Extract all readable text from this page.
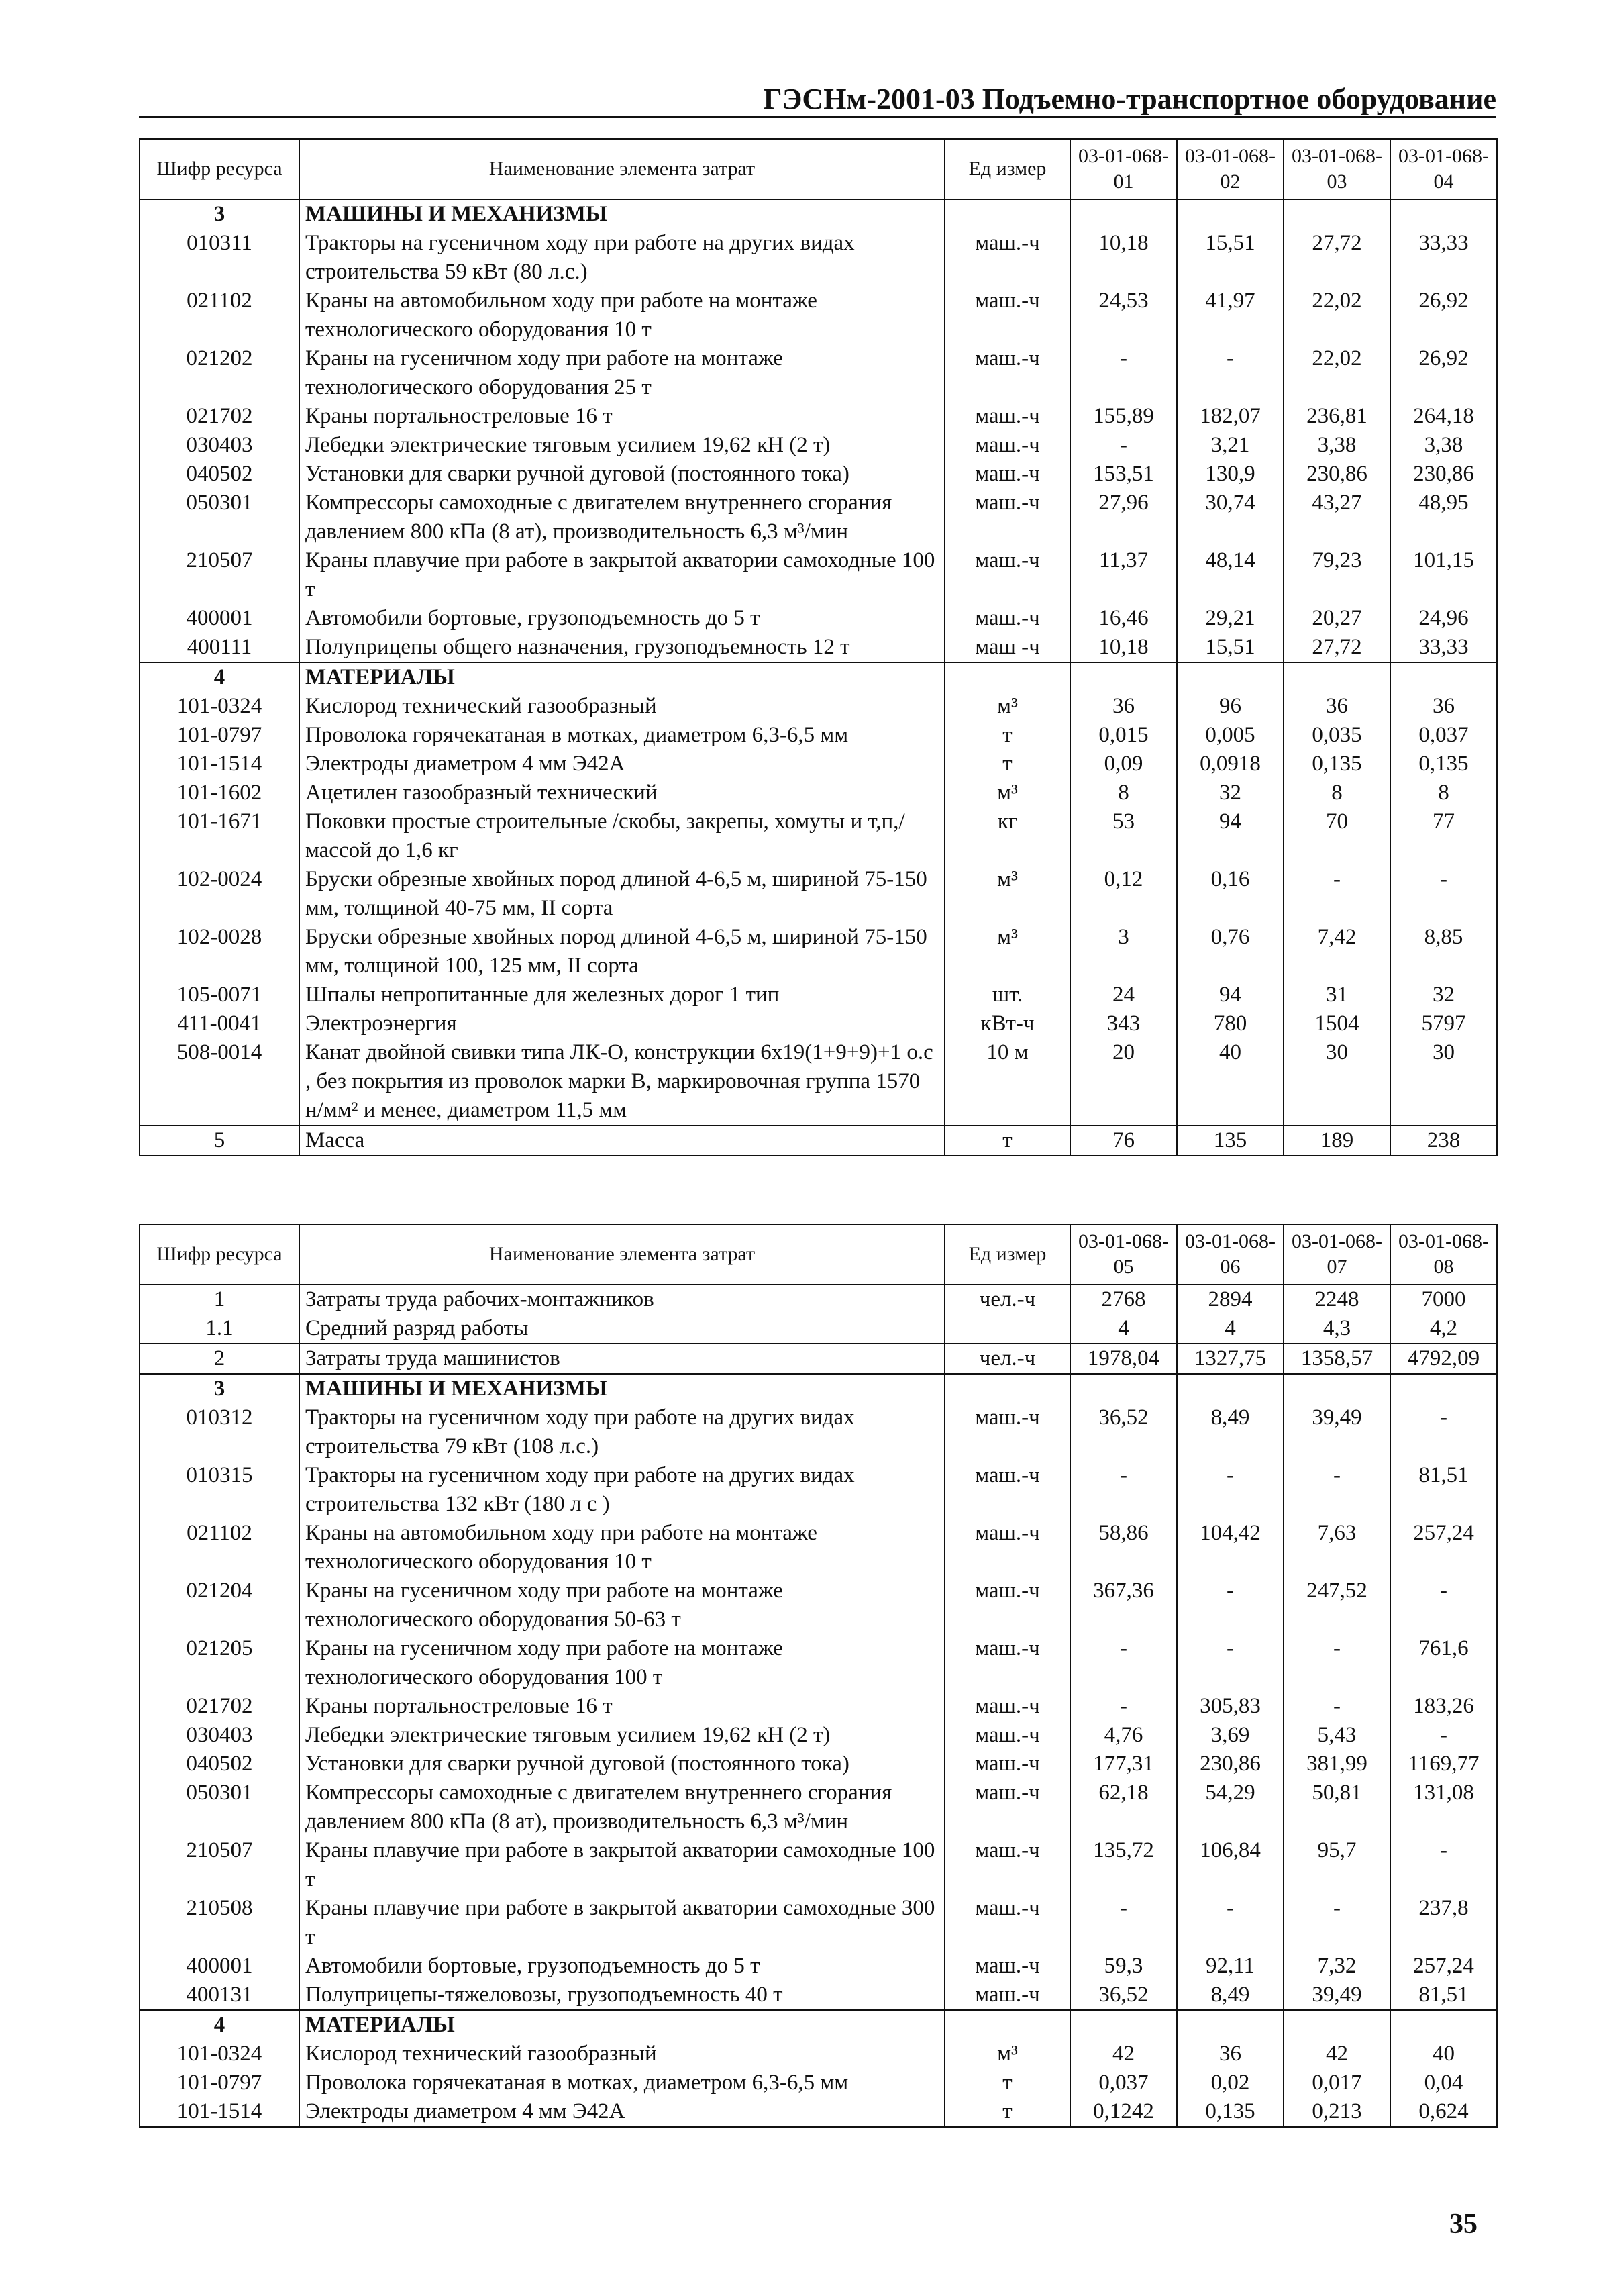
ГЭСНм-2001-03 Подъемно-транспортное оборудование
Шифр ресурса	Наименование элемента затрат	Ед измер	03-01-068-01	03-01-068-02	03-01-068-03	03-01-068-04
3	МАШИНЫ И МЕХАНИЗМЫ					
010311	Тракторы на гусеничном ходу при работе на других видах строительства 59 кВт (80 л.с.)	маш.-ч	10,18	15,51	27,72	33,33
021102	Краны на автомобильном ходу при работе на монтаже технологического оборудования 10 т	маш.-ч	24,53	41,97	22,02	26,92
021202	Краны на гусеничном ходу при работе на монтаже технологического оборудования 25 т	маш.-ч	-	-	22,02	26,92
021702	Краны портальностреловые 16 т	маш.-ч	155,89	182,07	236,81	264,18
030403	Лебедки электрические тяговым усилием 19,62 кН (2 т)	маш.-ч	-	3,21	3,38	3,38
040502	Установки для сварки ручной дуговой (постоянного тока)	маш.-ч	153,51	130,9	230,86	230,86
050301	Компрессоры самоходные с двигателем внутреннего сгорания давлением 800 кПа (8 ат), производительность 6,3 м³/мин	маш.-ч	27,96	30,74	43,27	48,95
210507	Краны плавучие при работе в закрытой акватории самоходные 100 т	маш.-ч	11,37	48,14	79,23	101,15
400001	Автомобили бортовые, грузоподъемность до 5 т	маш.-ч	16,46	29,21	20,27	24,96
400111	Полуприцепы общего назначения, грузоподъемность 12 т	маш -ч	10,18	15,51	27,72	33,33
4	МАТЕРИАЛЫ					
101-0324	Кислород технический газообразный	м³	36	96	36	36
101-0797	Проволока горячекатаная в мотках, диаметром 6,3-6,5 мм	т	0,015	0,005	0,035	0,037
101-1514	Электроды диаметром 4 мм Э42А	т	0,09	0,0918	0,135	0,135
101-1602	Ацетилен газообразный технический	м³	8	32	8	8
101-1671	Поковки простые строительные /скобы, закрепы, хомуты и т,п,/ массой до 1,6 кг	кг	53	94	70	77
102-0024	Бруски обрезные хвойных пород длиной 4-6,5 м, шириной 75-150 мм, толщиной 40-75 мм, II сорта	м³	0,12	0,16	-	-
102-0028	Бруски обрезные хвойных пород длиной 4-6,5 м, шириной 75-150 мм, толщиной 100, 125 мм, II сорта	м³	3	0,76	7,42	8,85
105-0071	Шпалы непропитанные для железных дорог 1 тип	шт.	24	94	31	32
411-0041	Электроэнергия	кВт-ч	343	780	1504	5797
508-0014	Канат двойной свивки типа ЛК-О, конструкции 6х19(1+9+9)+1 о.с , без покрытия из проволок марки В, маркировочная группа 1570 н/мм² и менее, диаметром 11,5 мм	10 м	20	40	30	30
5	Масса	т	76	135	189	238
Шифр ресурса	Наименование элемента затрат	Ед измер	03-01-068-05	03-01-068-06	03-01-068-07	03-01-068-08
1	Затраты труда рабочих-монтажников	чел.-ч	2768	2894	2248	7000
1.1	Средний разряд работы		4	4	4,3	4,2
2	Затраты труда машинистов	чел.-ч	1978,04	1327,75	1358,57	4792,09
3	МАШИНЫ И МЕХАНИЗМЫ					
010312	Тракторы на гусеничном ходу при работе на других видах строительства 79 кВт (108 л.с.)	маш.-ч	36,52	8,49	39,49	-
010315	Тракторы на гусеничном ходу при работе на других видах строительства 132 кВт (180 л с )	маш.-ч	-	-	-	81,51
021102	Краны на автомобильном ходу при работе на монтаже технологического оборудования 10 т	маш.-ч	58,86	104,42	7,63	257,24
021204	Краны на гусеничном ходу при работе на монтаже технологического оборудования 50-63 т	маш.-ч	367,36	-	247,52	-
021205	Краны на гусеничном ходу при работе на монтаже технологического оборудования 100 т	маш.-ч	-	-	-	761,6
021702	Краны портальностреловые 16 т	маш.-ч	-	305,83	-	183,26
030403	Лебедки электрические тяговым усилием 19,62 кН (2 т)	маш.-ч	4,76	3,69	5,43	-
040502	Установки для сварки ручной дуговой (постоянного тока)	маш.-ч	177,31	230,86	381,99	1169,77
050301	Компрессоры самоходные с двигателем внутреннего сгорания давлением 800 кПа (8 ат), производительность 6,3 м³/мин	маш.-ч	62,18	54,29	50,81	131,08
210507	Краны плавучие при работе в закрытой акватории самоходные 100 т	маш.-ч	135,72	106,84	95,7	-
210508	Краны плавучие при работе в закрытой акватории самоходные 300 т	маш.-ч	-	-	-	237,8
400001	Автомобили бортовые, грузоподъемность до 5 т	маш.-ч	59,3	92,11	7,32	257,24
400131	Полуприцепы-тяжеловозы, грузоподъемность 40 т	маш.-ч	36,52	8,49	39,49	81,51
4	МАТЕРИАЛЫ					
101-0324	Кислород технический газообразный	м³	42	36	42	40
101-0797	Проволока горячекатаная в мотках, диаметром 6,3-6,5 мм	т	0,037	0,02	0,017	0,04
101-1514	Электроды диаметром 4 мм Э42А	т	0,1242	0,135	0,213	0,624
35
